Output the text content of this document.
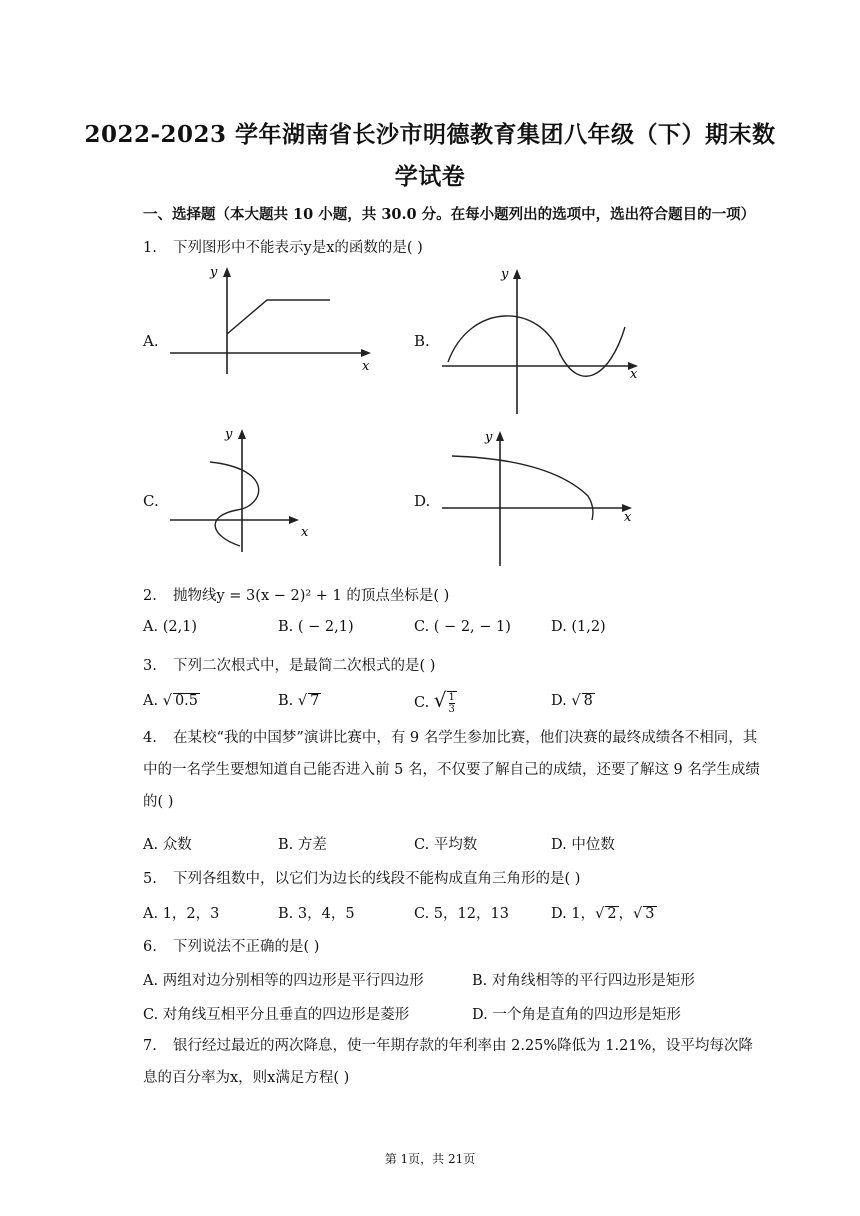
2022-2023 学年湖南省长沙市明德教育集团八年级（下）期末数
学试卷
一、选择题（本大题共 10 小题，共 30.0 分。在每小题列出的选项中，选出符合题目的一项）
1. 下列图形中不能表示y是x的函数的是( )
A.
y
x
B.
y
x
C.
y
x
D.
y
x
2. 抛物线y = 3(x − 2)² + 1 的顶点坐标是( )
A. (2,1)	B. ( − 2,1)	C. ( − 2, − 1)	D. (1,2)
3. 下列二次根式中，是最简二次根式的是( )
A. √ 0.5	B. √ 7	C. √ $\frac{1}{3}$	D. √ 8
4. 在某校“我的中国梦”演讲比赛中，有 9 名学生参加比赛，他们决赛的最终成绩各不相同，其中的一名学生要想知道自己能否进入前 5 名，不仅要了解自己的成绩，还要了解这 9 名学生成绩的( )
A. 众数	B. 方差	C. 平均数	D. 中位数
5. 下列各组数中，以它们为边长的线段不能构成直角三角形的是( )
A. 1，2，3	B. 3，4，5	C. 5，12，13	D. 1，√ 2 ，√ 3
6. 下列说法不正确的是( )
A. 两组对边分别相等的四边形是平行四边形	B. 对角线相等的平行四边形是矩形
C. 对角线互相平分且垂直的四边形是菱形	D. 一个角是直角的四边形是矩形
7. 银行经过最近的两次降息，使一年期存款的年利率由 2.25%降低为 1.21%，设平均每次降息的百分率为x，则x满足方程( )
第 1页，共 21页
